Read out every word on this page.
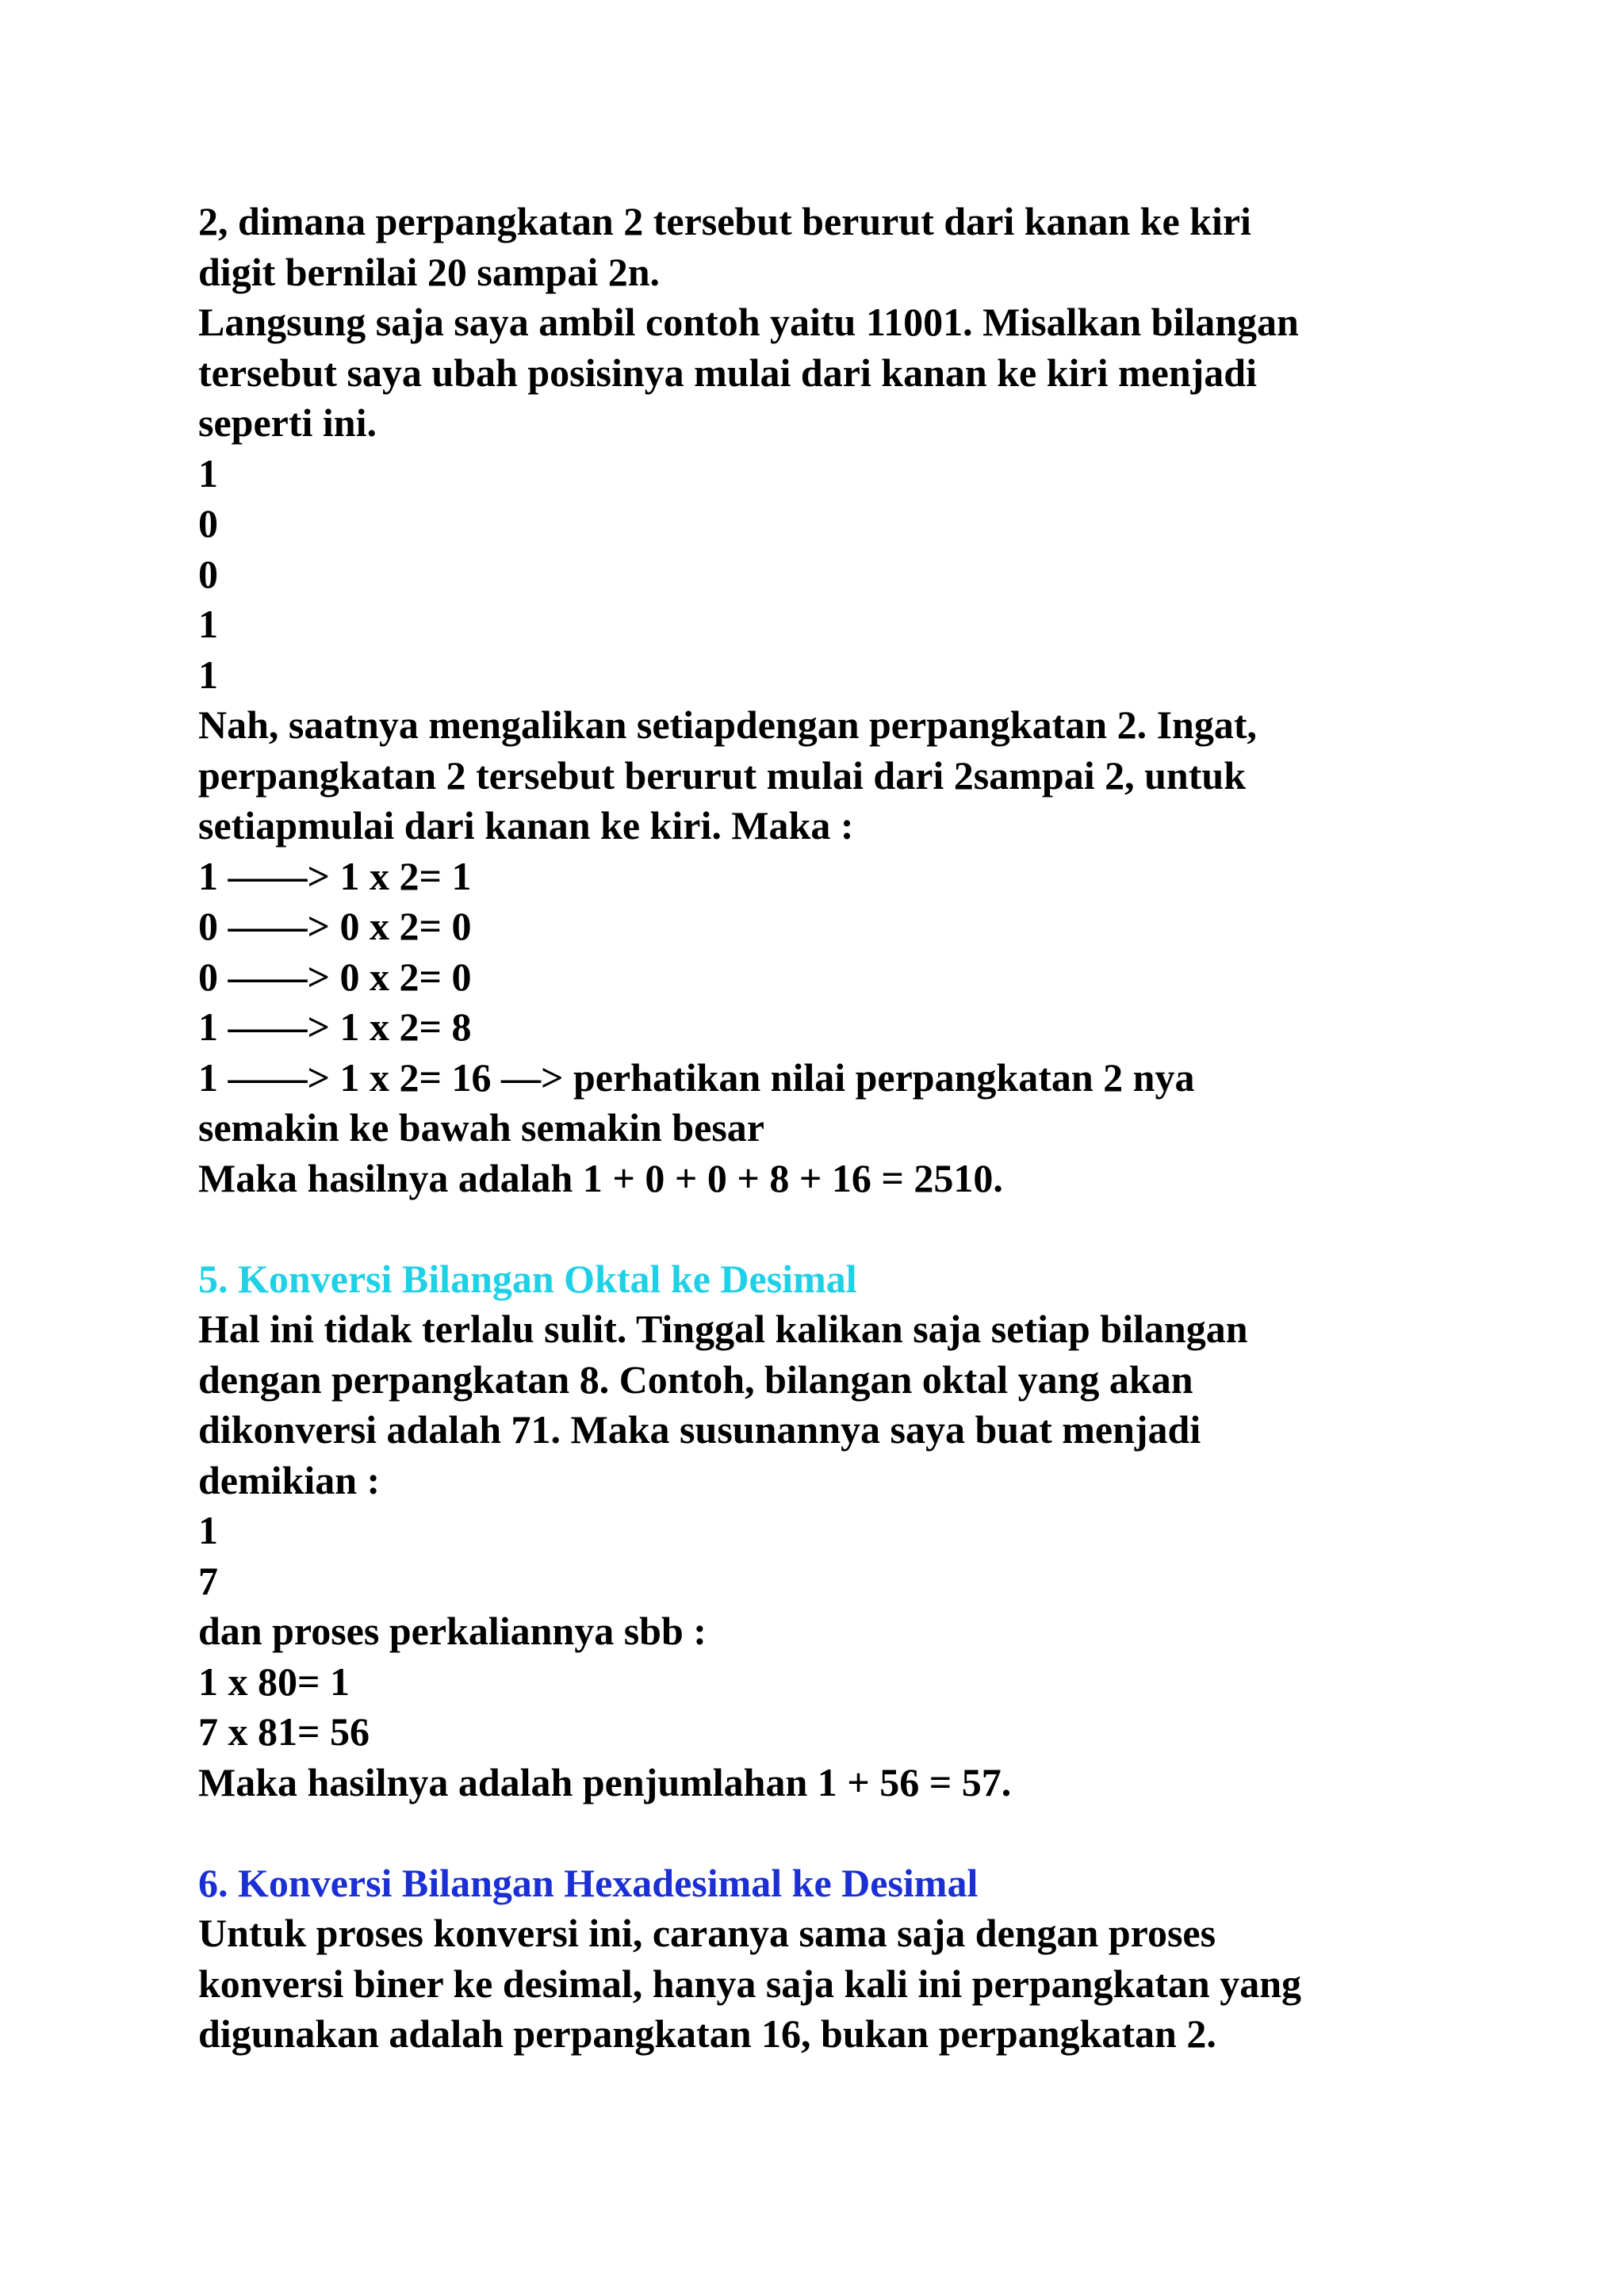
2, dimana perpangkatan 2 tersebut berurut dari kanan ke kiri
digit bernilai 20 sampai 2n.
Langsung saja saya ambil contoh yaitu 11001. Misalkan bilangan
tersebut saya ubah posisinya mulai dari kanan ke kiri menjadi
seperti ini.
1
0
0
1
1
Nah, saatnya mengalikan setiapdengan perpangkatan 2. Ingat,
perpangkatan 2 tersebut berurut mulai dari 2sampai 2, untuk
setiapmulai dari kanan ke kiri. Maka :
1 ——> 1 x 2= 1
0 ——> 0 x 2= 0
0 ——> 0 x 2= 0
1 ——> 1 x 2= 8
1 ——> 1 x 2= 16 —> perhatikan nilai perpangkatan 2 nya
semakin ke bawah semakin besar
Maka hasilnya adalah 1 + 0 + 0 + 8 + 16 = 2510.
5. Konversi Bilangan Oktal ke Desimal
Hal ini tidak terlalu sulit. Tinggal kalikan saja setiap bilangan
dengan perpangkatan 8. Contoh, bilangan oktal yang akan
dikonversi adalah 71. Maka susunannya saya buat menjadi
demikian :
1
7
dan proses perkaliannya sbb :
1 x 80= 1
7 x 81= 56
Maka hasilnya adalah penjumlahan 1 + 56 = 57.
6. Konversi Bilangan Hexadesimal ke Desimal
Untuk proses konversi ini, caranya sama saja dengan proses
konversi biner ke desimal, hanya saja kali ini perpangkatan yang
digunakan adalah perpangkatan 16, bukan perpangkatan 2.
